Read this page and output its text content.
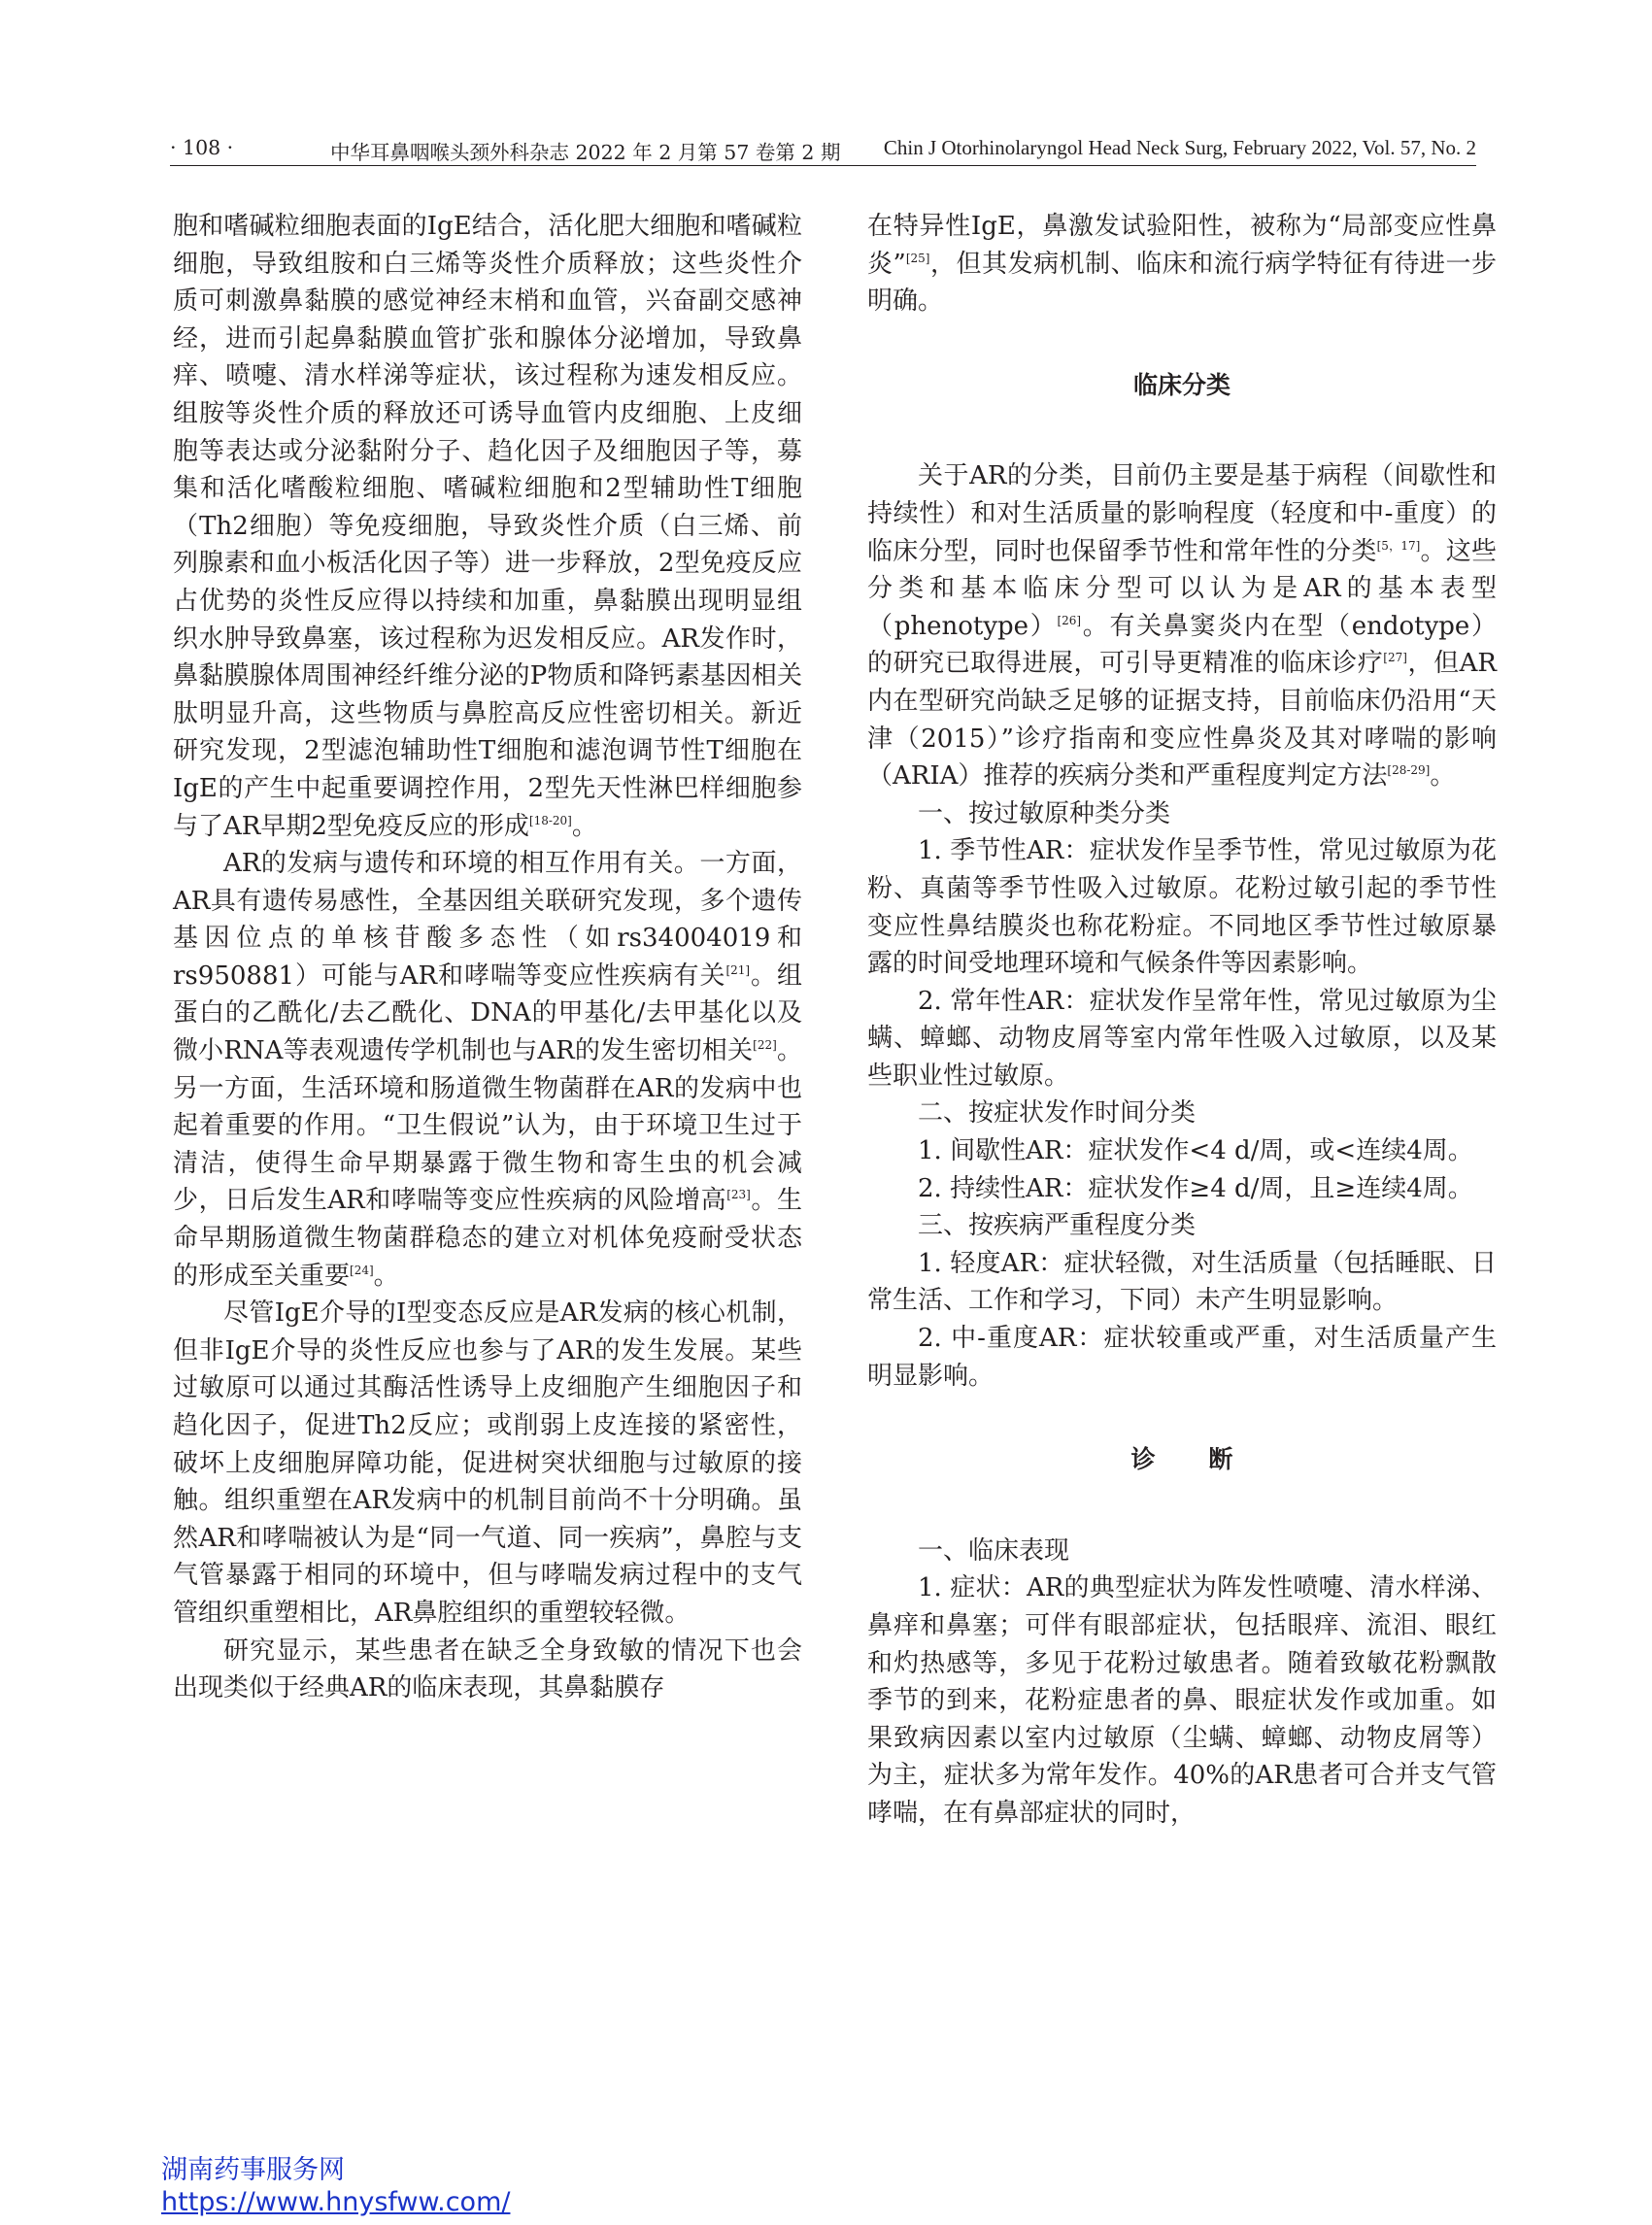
· 108 ·	中华耳鼻咽喉头颈外科杂志 2022 年 2 月第 57 卷第 2 期 Chin J Otorhinolaryngol Head Neck Surg, February 2022, Vol. 57, No. 2

胞和嗜碱粒细胞表面的IgE结合，活化肥大细胞和嗜碱粒细胞，导致组胺和白三烯等炎性介质释放；这些炎性介质可刺激鼻黏膜的感觉神经末梢和血管，兴奋副交感神经，进而引起鼻黏膜血管扩张和腺体分泌增加，导致鼻痒、喷嚏、清水样涕等症状，该过程称为速发相反应。组胺等炎性介质的释放还可诱导血管内皮细胞、上皮细胞等表达或分泌黏附分子、趋化因子及细胞因子等，募集和活化嗜酸粒细胞、嗜碱粒细胞和2型辅助性T细胞（Th2细胞）等免疫细胞，导致炎性介质（白三烯、前列腺素和血小板活化因子等）进一步释放，2型免疫反应占优势的炎性反应得以持续和加重，鼻黏膜出现明显组织水肿导致鼻塞，该过程称为迟发相反应。AR发作时，鼻黏膜腺体周围神经纤维分泌的P物质和降钙素基因相关肽明显升高，这些物质与鼻腔高反应性密切相关。新近研究发现，2型滤泡辅助性T细胞和滤泡调节性T细胞在IgE的产生中起重要调控作用，2型先天性淋巴样细胞参与了AR早期2型免疫反应的形成[18-20]。

AR的发病与遗传和环境的相互作用有关。一方面，AR具有遗传易感性，全基因组关联研究发现，多个遗传基因位点的单核苷酸多态性（如rs34004019和rs950881）可能与AR和哮喘等变应性疾病有关[21]。组蛋白的乙酰化/去乙酰化、DNA的甲基化/去甲基化以及微小RNA等表观遗传学机制也与AR的发生密切相关[22]。另一方面，生活环境和肠道微生物菌群在AR的发病中也起着重要的作用。“卫生假说”认为，由于环境卫生过于清洁，使得生命早期暴露于微生物和寄生虫的机会减少，日后发生AR和哮喘等变应性疾病的风险增高[23]。生命早期肠道微生物菌群稳态的建立对机体免疫耐受状态的形成至关重要[24]。

尽管IgE介导的Ⅰ型变态反应是AR发病的核心机制，但非IgE介导的炎性反应也参与了AR的发生发展。某些过敏原可以通过其酶活性诱导上皮细胞产生细胞因子和趋化因子，促进Th2反应；或削弱上皮连接的紧密性，破坏上皮细胞屏障功能，促进树突状细胞与过敏原的接触。组织重塑在AR发病中的机制目前尚不十分明确。虽然AR和哮喘被认为是“同一气道、同一疾病”，鼻腔与支气管暴露于相同的环境中，但与哮喘发病过程中的支气管组织重塑相比，AR鼻腔组织的重塑较轻微。

研究显示，某些患者在缺乏全身致敏的情况下也会出现类似于经典AR的临床表现，其鼻黏膜存

在特异性IgE，鼻激发试验阳性，被称为“局部变应性鼻炎”[25]，但其发病机制、临床和流行病学特征有待进一步明确。

临床分类

关于AR的分类，目前仍主要是基于病程（间歇性和持续性）和对生活质量的影响程度（轻度和中-重度）的临床分型，同时也保留季节性和常年性的分类[5，17]。这些分类和基本临床分型可以认为是AR的基本表型（phenotype）[26]。有关鼻窦炎内在型（endotype）的研究已取得进展，可引导更精准的临床诊疗[27]，但AR内在型研究尚缺乏足够的证据支持，目前临床仍沿用“天津（2015）”诊疗指南和变应性鼻炎及其对哮喘的影响（ARIA）推荐的疾病分类和严重程度判定方法[28-29]。

一、按过敏原种类分类

1. 季节性AR：症状发作呈季节性，常见过敏原为花粉、真菌等季节性吸入过敏原。花粉过敏引起的季节性变应性鼻结膜炎也称花粉症。不同地区季节性过敏原暴露的时间受地理环境和气候条件等因素影响。

2. 常年性AR：症状发作呈常年性，常见过敏原为尘螨、蟑螂、动物皮屑等室内常年性吸入过敏原，以及某些职业性过敏原。

二、按症状发作时间分类

1. 间歇性AR：症状发作<4 d/周，或<连续4周。

2. 持续性AR：症状发作≥4 d/周，且≥连续4周。

三、按疾病严重程度分类

1. 轻度AR：症状轻微，对生活质量（包括睡眠、日常生活、工作和学习，下同）未产生明显影响。

2. 中-重度AR：症状较重或严重，对生活质量产生明显影响。

诊 断

一、临床表现

1. 症状：AR的典型症状为阵发性喷嚏、清水样涕、鼻痒和鼻塞；可伴有眼部症状，包括眼痒、流泪、眼红和灼热感等，多见于花粉过敏患者。随着致敏花粉飘散季节的到来，花粉症患者的鼻、眼症状发作或加重。如果致病因素以室内过敏原（尘螨、蟑螂、动物皮屑等）为主，症状多为常年发作。40%的AR患者可合并支气管哮喘，在有鼻部症状的同时，

湖南药事服务网
https://www.hnysfww.com/
